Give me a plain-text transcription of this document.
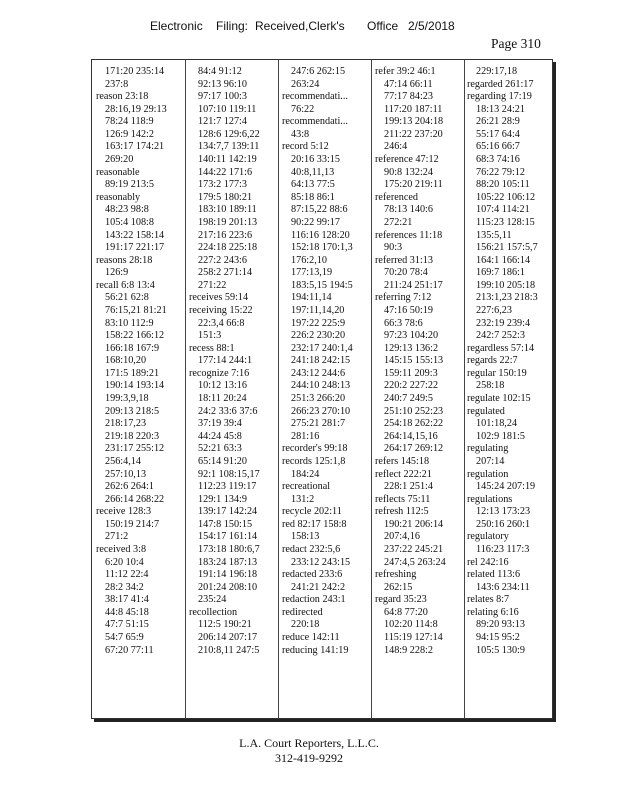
Electronic Filing: Received,Clerk's Office 2/5/2018
Page 310
171:20 235:14
237:8
reason 23:18
28:16,19 29:13
78:24 118:9
126:9 142:2
163:17 174:21
269:20
reasonable
89:19 213:5
reasonably
48:23 98:8
105:4 108:8
143:22 158:14
191:17 221:17
reasons 28:18
126:9
recall 6:8 13:4
56:21 62:8
76:15,21 81:21
83:10 112:9
158:22 166:12
166:18 167:9
168:10,20
171:5 189:21
190:14 193:14
199:3,9,18
209:13 218:5
218:17,23
219:18 220:3
231:17 255:12
256:4,14
257:10,13
262:6 264:1
266:14 268:22
receive 128:3
150:19 214:7
271:2
received 3:8
6:20 10:4
11:12 22:4
28:2 34:2
38:17 41:4
44:8 45:18
47:7 51:15
54:7 65:9
67:20 77:11
84:4 91:12
92:13 96:10
97:17 100:3
107:10 119:11
121:7 127:4
128:6 129:6,22
134:7,7 139:11
140:11 142:19
144:22 171:6
173:2 177:3
179:5 180:21
183:10 189:11
198:19 201:13
217:16 223:6
224:18 225:18
227:2 243:6
258:2 271:14
271:22
receives 59:14
receiving 15:22
22:3,4 66:8
151:3
recess 88:1
177:14 244:1
recognize 7:16
10:12 13:16
18:11 20:24
24:2 33:6 37:6
37:19 39:4
44:24 45:8
52:21 63:3
65:14 91:20
92:1 108:15,17
112:23 119:17
129:1 134:9
139:17 142:24
147:8 150:15
154:17 161:14
173:18 180:6,7
183:24 187:13
191:14 196:18
201:24 208:10
235:24
recollection
112:5 190:21
206:14 207:17
210:8,11 247:5
247:6 262:15
263:24
recommendati...
76:22
recommendati...
43:8
record 5:12
20:16 33:15
40:8,11,13
64:13 77:5
85:18 86:1
87:15,22 88:6
90:22 99:17
116:16 128:20
152:18 170:1,3
176:2,10
177:13,19
183:5,15 194:5
194:11,14
197:11,14,20
197:22 225:9
226:2 230:20
232:17 240:1,4
241:18 242:15
243:12 244:6
244:10 248:13
251:3 266:20
266:23 270:10
275:21 281:7
281:16
recorder's 99:18
records 125:1,8
184:24
recreational
131:2
recycle 202:11
red 82:17 158:8
158:13
redact 232:5,6
233:12 243:15
redacted 233:6
241:21 242:2
redaction 243:1
redirected
220:18
reduce 142:11
reducing 141:19
refer 39:2 46:1
47:14 66:11
77:17 84:23
117:20 187:11
199:13 204:18
211:22 237:20
246:4
reference 47:12
90:8 132:24
175:20 219:11
referenced
78:13 140:6
272:21
references 11:18
90:3
referred 31:13
70:20 78:4
211:24 251:17
referring 7:12
47:16 50:19
66:3 78:6
97:23 104:20
129:13 136:2
145:15 155:13
159:11 209:3
220:2 227:22
240:7 249:5
251:10 252:23
254:18 262:22
264:14,15,16
264:17 269:12
refers 145:18
reflect 222:21
228:1 251:4
reflects 75:11
refresh 112:5
190:21 206:14
207:4,16
237:22 245:21
247:4,5 263:24
refreshing
262:15
regard 35:23
64:8 77:20
102:20 114:8
115:19 127:14
148:9 228:2
229:17,18
regarded 261:17
regarding 17:19
18:13 24:21
26:21 28:9
55:17 64:4
65:16 66:7
68:3 74:16
76:22 79:12
88:20 105:11
105:22 106:12
107:4 114:21
115:23 128:15
135:5,11
156:21 157:5,7
164:1 166:14
169:7 186:1
199:10 205:18
213:1,23 218:3
227:6,23
232:19 239:4
242:7 252:3
regardless 57:14
regards 22:7
regular 150:19
258:18
regulate 102:15
regulated
101:18,24
102:9 181:5
regulating
207:14
regulation
145:24 207:19
regulations
12:13 173:23
250:16 260:1
regulatory
116:23 117:3
rel 242:16
related 113:6
143:6 234:11
relates 8:7
relating 6:16
89:20 93:13
94:15 95:2
105:5 130:9
L.A. Court Reporters, L.L.C.
312-419-9292
